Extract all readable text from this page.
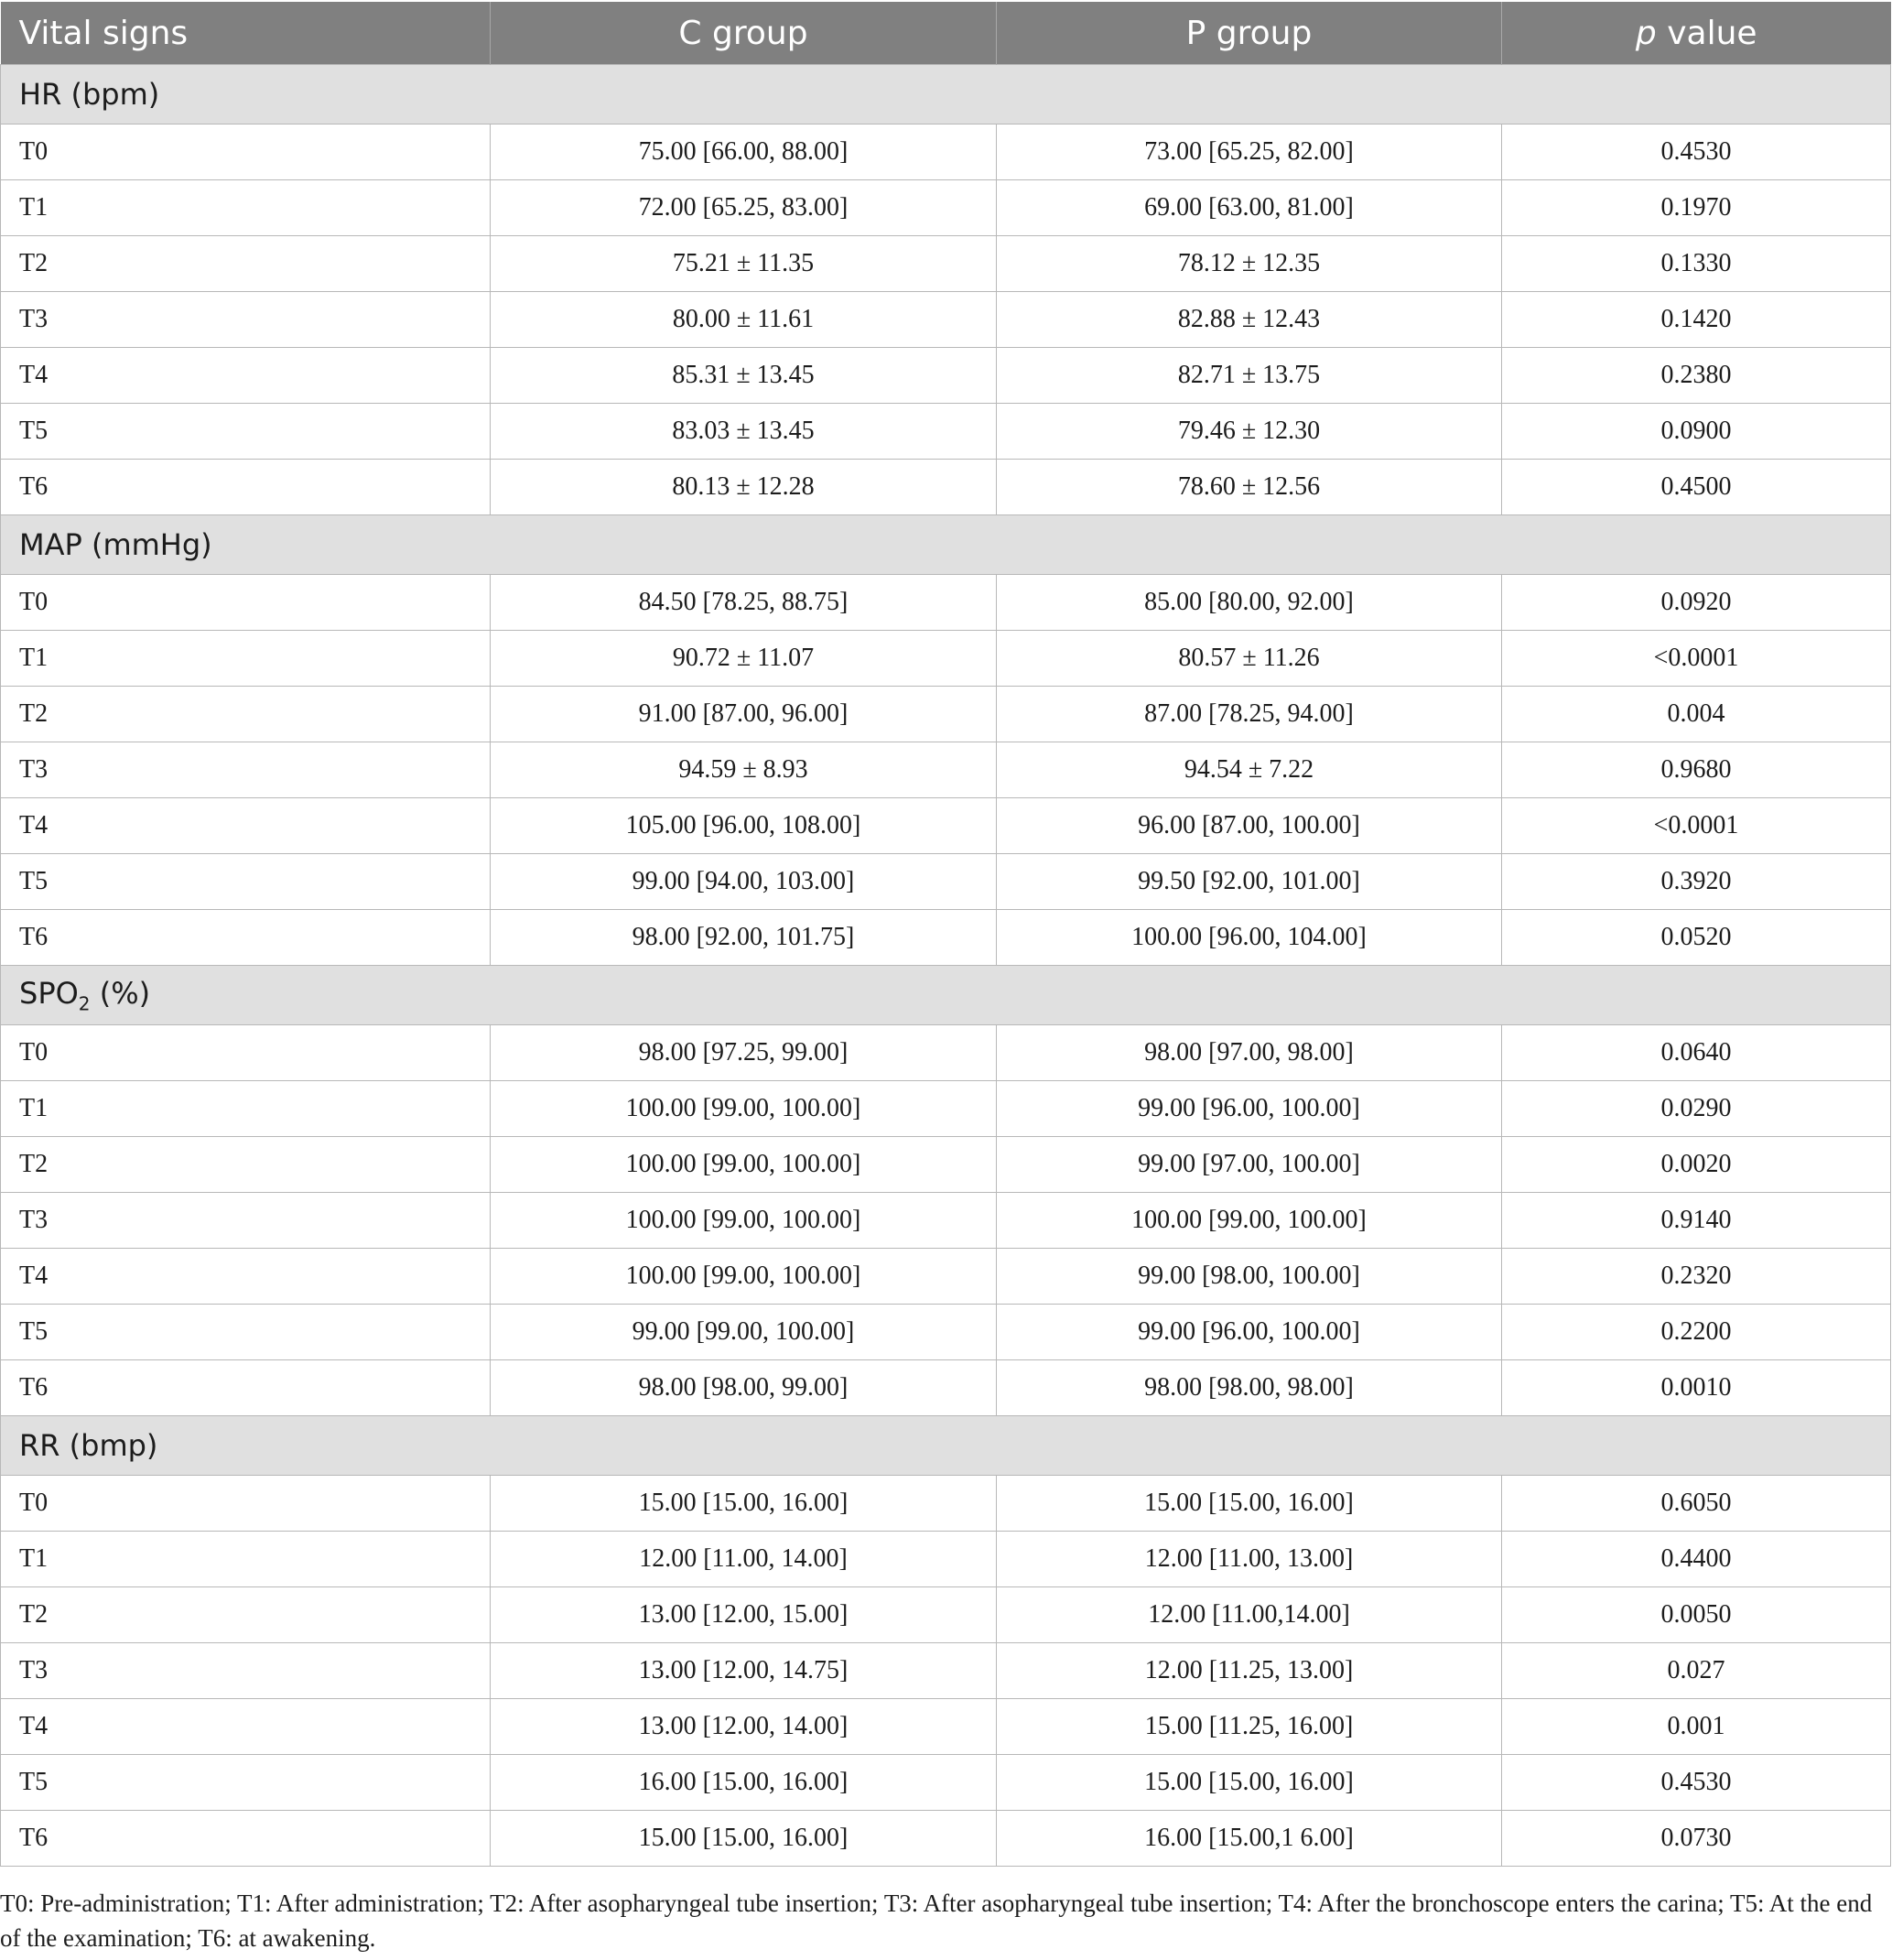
Vital signs	C group	P group	p value
HR (bpm)			
T0	75.00 [66.00, 88.00]	73.00 [65.25, 82.00]	0.4530
T1	72.00 [65.25, 83.00]	69.00 [63.00, 81.00]	0.1970
T2	75.21 ± 11.35	78.12 ± 12.35	0.1330
T3	80.00 ± 11.61	82.88 ± 12.43	0.1420
T4	85.31 ± 13.45	82.71 ± 13.75	0.2380
T5	83.03 ± 13.45	79.46 ± 12.30	0.0900
T6	80.13 ± 12.28	78.60 ± 12.56	0.4500
MAP (mmHg)			
T0	84.50 [78.25, 88.75]	85.00 [80.00, 92.00]	0.0920
T1	90.72 ± 11.07	80.57 ± 11.26	<0.0001
T2	91.00 [87.00, 96.00]	87.00 [78.25, 94.00]	0.004
T3	94.59 ± 8.93	94.54 ± 7.22	0.9680
T4	105.00 [96.00, 108.00]	96.00 [87.00, 100.00]	<0.0001
T5	99.00 [94.00, 103.00]	99.50 [92.00, 101.00]	0.3920
T6	98.00 [92.00, 101.75]	100.00 [96.00, 104.00]	0.0520
$SPO_2$ (%)			
T0	98.00 [97.25, 99.00]	98.00 [97.00, 98.00]	0.0640
T1	100.00 [99.00, 100.00]	99.00 [96.00, 100.00]	0.0290
T2	100.00 [99.00, 100.00]	99.00 [97.00, 100.00]	0.0020
T3	100.00 [99.00, 100.00]	100.00 [99.00, 100.00]	0.9140
T4	100.00 [99.00, 100.00]	99.00 [98.00, 100.00]	0.2320
T5	99.00 [99.00, 100.00]	99.00 [96.00, 100.00]	0.2200
T6	98.00 [98.00, 99.00]	98.00 [98.00, 98.00]	0.0010
RR (bmp)			
T0	15.00 [15.00, 16.00]	15.00 [15.00, 16.00]	0.6050
T1	12.00 [11.00, 14.00]	12.00 [11.00, 13.00]	0.4400
T2	13.00 [12.00, 15.00]	12.00 [11.00,14.00]	0.0050
T3	13.00 [12.00, 14.75]	12.00 [11.25, 13.00]	0.027
T4	13.00 [12.00, 14.00]	15.00 [11.25, 16.00]	0.001
T5	16.00 [15.00, 16.00]	15.00 [15.00, 16.00]	0.4530
T6	15.00 [15.00, 16.00]	16.00 [15.00,1 6.00]	0.0730
T0: Pre-administration; T1: After administration; T2: After asopharyngeal tube insertion; T3: After asopharyngeal tube insertion; T4: After the bronchoscope enters the carina; T5: At the end of the examination; T6: at awakening.
